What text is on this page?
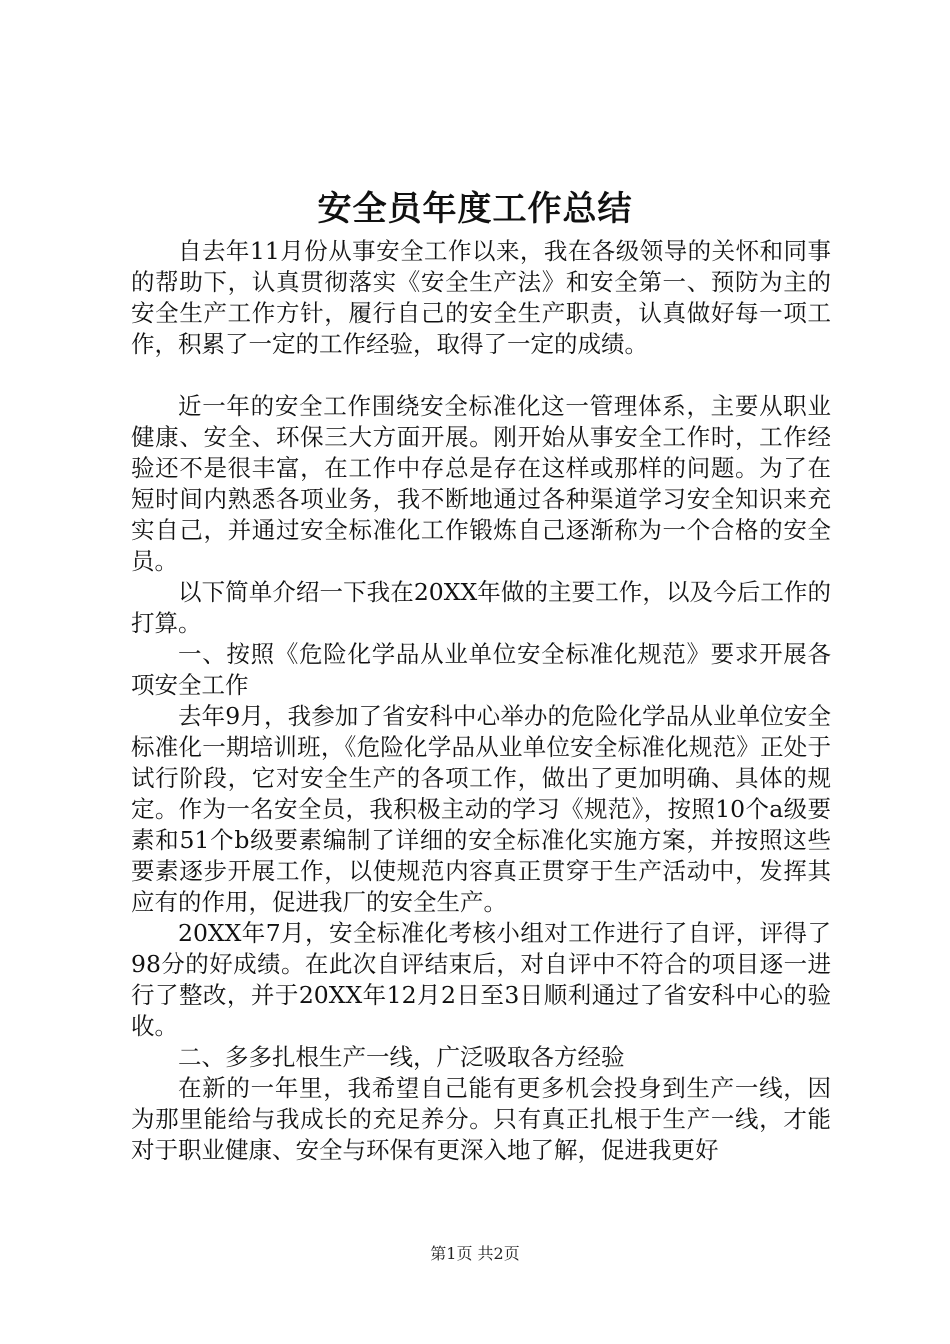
安全员年度工作总结

自去年11月份从事安全工作以来，我在各级领导的关怀和同事的帮助下，认真贯彻落实《安全生产法》和安全第一、预防为主的安全生产工作方针，履行自己的安全生产职责，认真做好每一项工作，积累了一定的工作经验，取得了一定的成绩。

近一年的安全工作围绕安全标准化这一管理体系，主要从职业健康、安全、环保三大方面开展。刚开始从事安全工作时，工作经验还不是很丰富，在工作中存总是存在这样或那样的问题。为了在短时间内熟悉各项业务，我不断地通过各种渠道学习安全知识来充实自己，并通过安全标准化工作锻炼自己逐渐称为一个合格的安全员。

以下简单介绍一下我在20XX年做的主要工作，以及今后工作的打算。

一、按照《危险化学品从业单位安全标准化规范》要求开展各项安全工作

去年9月，我参加了省安科中心举办的危险化学品从业单位安全标准化一期培训班，《危险化学品从业单位安全标准化规范》正处于试行阶段，它对安全生产的各项工作，做出了更加明确、具体的规定。作为一名安全员，我积极主动的学习《规范》，按照10个a级要素和51个b级要素编制了详细的安全标准化实施方案，并按照这些要素逐步开展工作，以使规范内容真正贯穿于生产活动中，发挥其应有的作用，促进我厂的安全生产。

20XX年7月，安全标准化考核小组对工作进行了自评，评得了98分的好成绩。在此次自评结束后，对自评中不符合的项目逐一进行了整改，并于20XX年12月2日至3日顺利通过了省安科中心的验收。

二、多多扎根生产一线，广泛吸取各方经验

在新的一年里，我希望自己能有更多机会投身到生产一线，因为那里能给与我成长的充足养分。只有真正扎根于生产一线，才能对于职业健康、安全与环保有更深入地了解，促进我更好

第1页 共2页
